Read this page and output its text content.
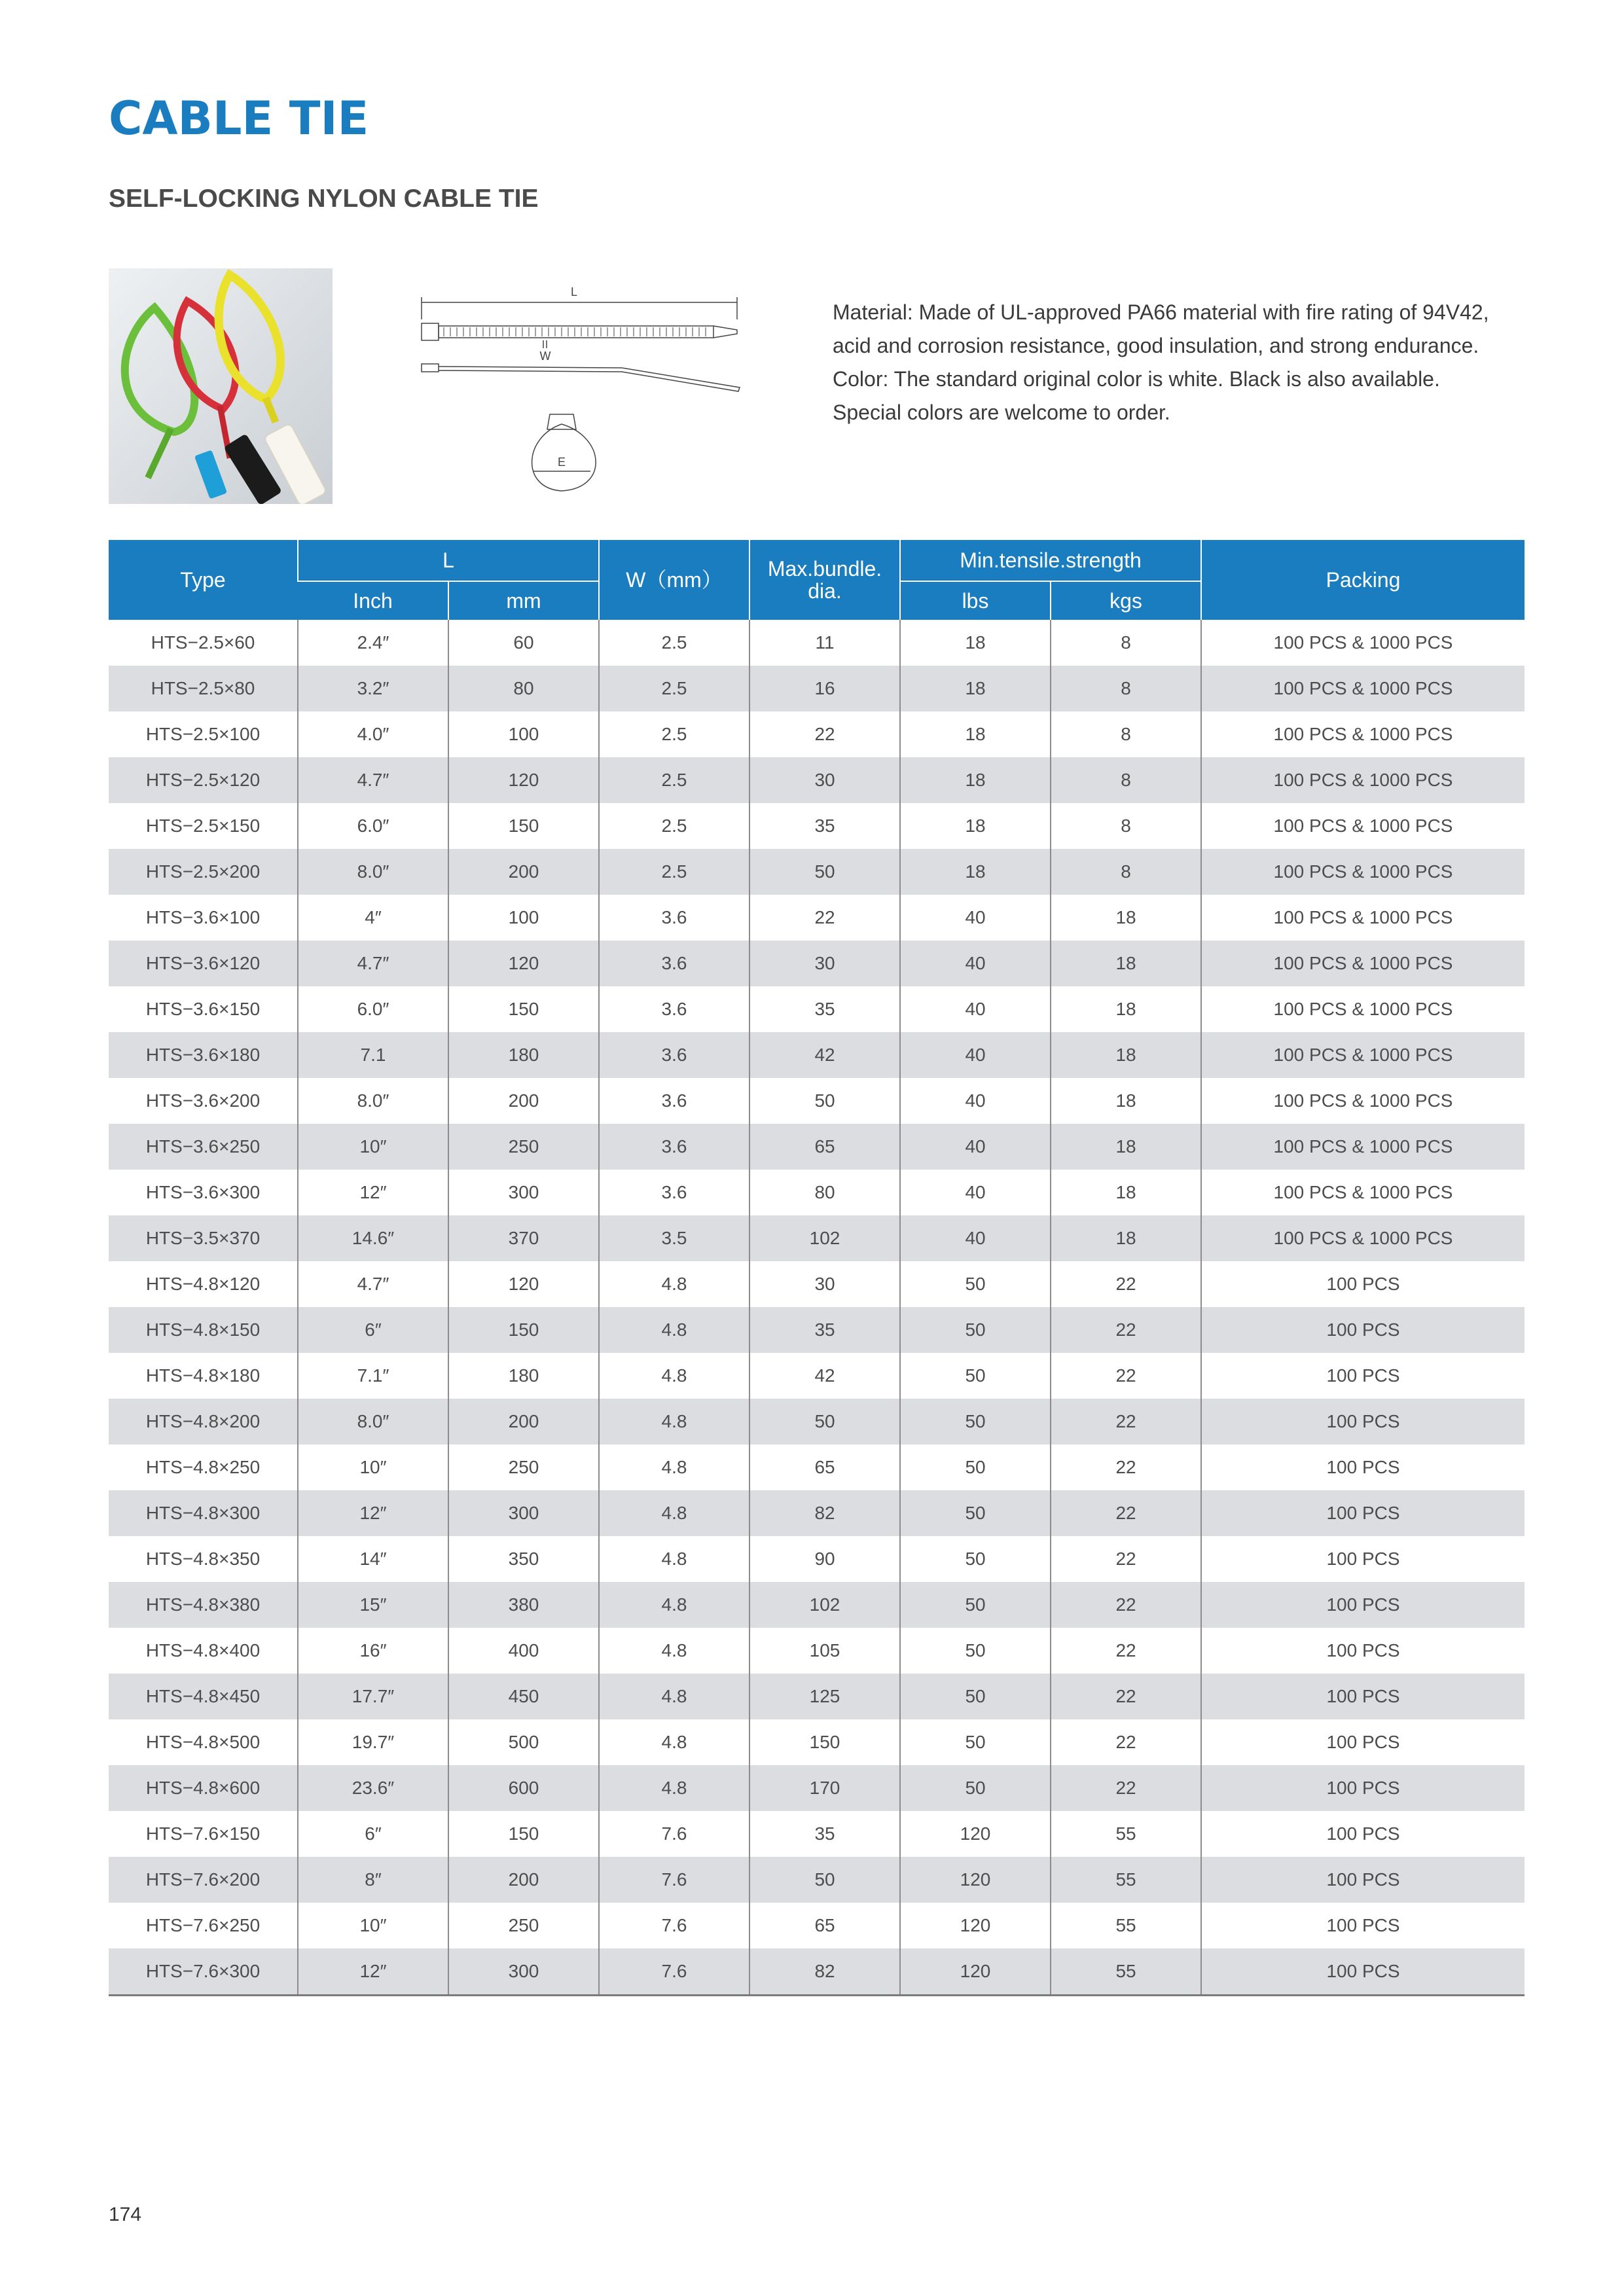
CABLE TIE
SELF-LOCKING NYLON CABLE TIE
L
W
E

Material: Made of UL-approved PA66 material with fire rating of 94V42,

acid and corrosion resistance, good insulation, and strong endurance.

Color: The standard original color is white. Black is also available.

Special colors are welcome to order.

Type	L		W（mm）	Max.bundle. dia.	Min.tensile.strength		Packing
	Inch	mm			lbs	kgs	
HTS−2.5×60	2.4″	60	2.5	11	18	8	100 PCS & 1000 PCS
HTS−2.5×80	3.2″	80	2.5	16	18	8	100 PCS & 1000 PCS
HTS−2.5×100	4.0″	100	2.5	22	18	8	100 PCS & 1000 PCS
HTS−2.5×120	4.7″	120	2.5	30	18	8	100 PCS & 1000 PCS
HTS−2.5×150	6.0″	150	2.5	35	18	8	100 PCS & 1000 PCS
HTS−2.5×200	8.0″	200	2.5	50	18	8	100 PCS & 1000 PCS
HTS−3.6×100	4″	100	3.6	22	40	18	100 PCS & 1000 PCS
HTS−3.6×120	4.7″	120	3.6	30	40	18	100 PCS & 1000 PCS
HTS−3.6×150	6.0″	150	3.6	35	40	18	100 PCS & 1000 PCS
HTS−3.6×180	7.1	180	3.6	42	40	18	100 PCS & 1000 PCS
HTS−3.6×200	8.0″	200	3.6	50	40	18	100 PCS & 1000 PCS
HTS−3.6×250	10″	250	3.6	65	40	18	100 PCS & 1000 PCS
HTS−3.6×300	12″	300	3.6	80	40	18	100 PCS & 1000 PCS
HTS−3.5×370	14.6″	370	3.5	102	40	18	100 PCS & 1000 PCS
HTS−4.8×120	4.7″	120	4.8	30	50	22	100 PCS
HTS−4.8×150	6″	150	4.8	35	50	22	100 PCS
HTS−4.8×180	7.1″	180	4.8	42	50	22	100 PCS
HTS−4.8×200	8.0″	200	4.8	50	50	22	100 PCS
HTS−4.8×250	10″	250	4.8	65	50	22	100 PCS
HTS−4.8×300	12″	300	4.8	82	50	22	100 PCS
HTS−4.8×350	14″	350	4.8	90	50	22	100 PCS
HTS−4.8×380	15″	380	4.8	102	50	22	100 PCS
HTS−4.8×400	16″	400	4.8	105	50	22	100 PCS
HTS−4.8×450	17.7″	450	4.8	125	50	22	100 PCS
HTS−4.8×500	19.7″	500	4.8	150	50	22	100 PCS
HTS−4.8×600	23.6″	600	4.8	170	50	22	100 PCS
HTS−7.6×150	6″	150	7.6	35	120	55	100 PCS
HTS−7.6×200	8″	200	7.6	50	120	55	100 PCS
HTS−7.6×250	10″	250	7.6	65	120	55	100 PCS
HTS−7.6×300	12″	300	7.6	82	120	55	100 PCS
174
